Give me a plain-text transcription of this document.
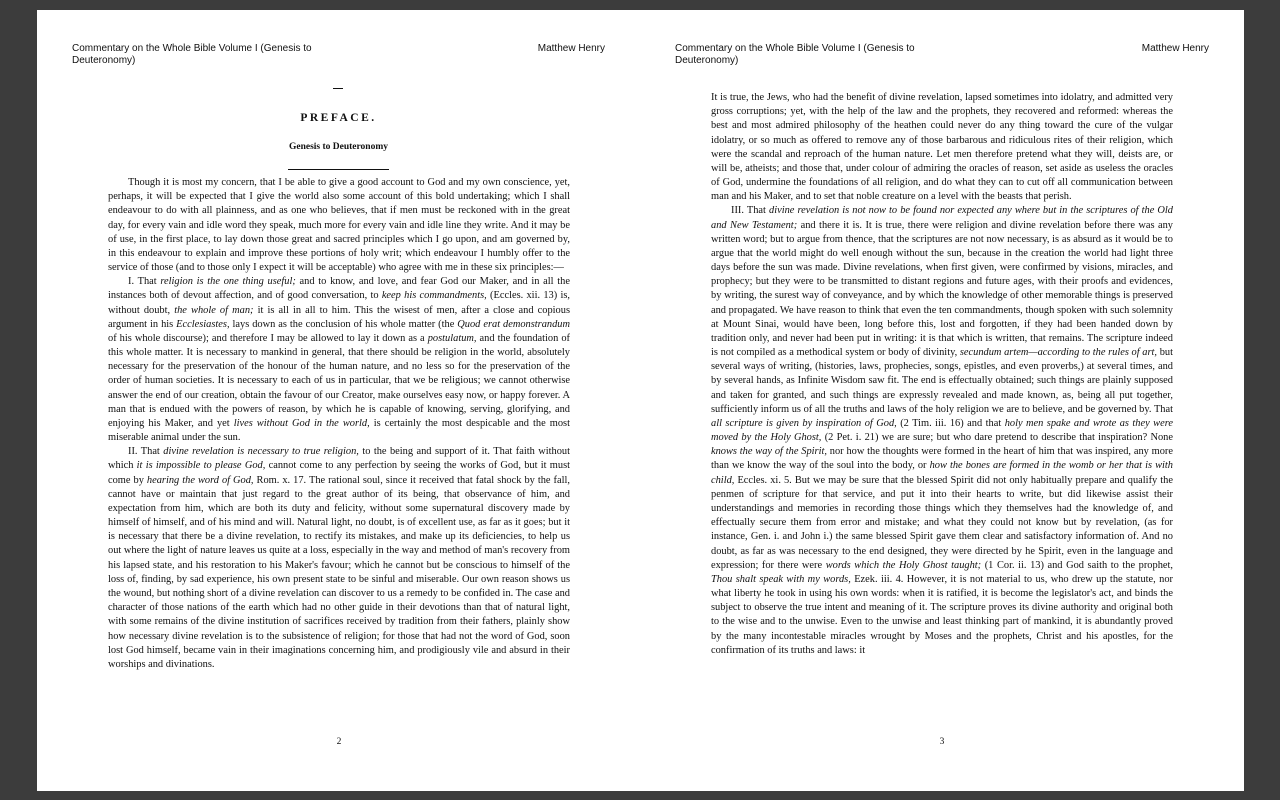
Commentary on the Whole Bible Volume I (Genesis to Deuteronomy)
Matthew Henry
PREFACE.
Genesis to Deuteronomy

Though it is most my concern, that I be able to give a good account to God and my own conscience, yet, perhaps, it will be expected that I give the world also some account of this bold undertaking; which I shall endeavour to do with all plainness, and as one who believes, that if men must be reckoned with in the great day, for every vain and idle word they speak, much more for every vain and idle line they write. And it may be of use, in the first place, to lay down those great and sacred principles which I go upon, and am governed by, in this endeavour to explain and improve these portions of holy writ; which endeavour I humbly offer to the service of those (and to those only I expect it will be acceptable) who agree with me in these six principles:—

I. That religion is the one thing useful; and to know, and love, and fear God our Maker, and in all the instances both of devout affection, and of good conversation, to keep his commandments, (Eccles. xii. 13) is, without doubt, the whole of man; it is all in all to him. This the wisest of men, after a close and copious argument in his Ecclesiastes, lays down as the conclusion of his whole matter (the Quod erat demonstrandum of his whole discourse); and therefore I may be allowed to lay it down as a postulatum, and the foundation of this whole matter. It is necessary to mankind in general, that there should be religion in the world, absolutely necessary for the preservation of the honour of the human nature, and no less so for the preservation of the order of human societies. It is necessary to each of us in particular, that we be religious; we cannot otherwise answer the end of our creation, obtain the favour of our Creator, make ourselves easy now, or happy forever. A man that is endued with the powers of reason, by which he is capable of knowing, serving, glorifying, and enjoying his Maker, and yet lives without God in the world, is certainly the most despicable and the most miserable animal under the sun.

II. That divine revelation is necessary to true religion, to the being and support of it. That faith without which it is impossible to please God, cannot come to any perfection by seeing the works of God, but it must come by hearing the word of God, Rom. x. 17. The rational soul, since it received that fatal shock by the fall, cannot have or maintain that just regard to the great author of its being, that observance of him, and expectation from him, which are both its duty and felicity, without some supernatural discovery made by himself of himself, and of his mind and will. Natural light, no doubt, is of excellent use, as far as it goes; but it is necessary that there be a divine revelation, to rectify its mistakes, and make up its deficiencies, to help us out where the light of nature leaves us quite at a loss, especially in the way and method of man's recovery from his lapsed state, and his restoration to his Maker's favour; which he cannot but be conscious to himself of the loss of, finding, by sad experience, his own present state to be sinful and miserable. Our own reason shows us the wound, but nothing short of a divine revelation can discover to us a remedy to be confided in. The case and character of those nations of the earth which had no other guide in their devotions than that of natural light, with some remains of the divine institution of sacrifices received by tradition from their fathers, plainly show how necessary divine revelation is to the subsistence of religion; for those that had not the word of God, soon lost God himself, became vain in their imaginations concerning him, and prodigiously vile and absurd in their worships and divinations.

2
Commentary on the Whole Bible Volume I (Genesis to Deuteronomy)
Matthew Henry

It is true, the Jews, who had the benefit of divine revelation, lapsed sometimes into idolatry, and admitted very gross corruptions; yet, with the help of the law and the prophets, they recovered and reformed: whereas the best and most admired philosophy of the heathen could never do any thing toward the cure of the vulgar idolatry, or so much as offered to remove any of those barbarous and ridiculous rites of their religion, which were the scandal and reproach of the human nature. Let men therefore pretend what they will, deists are, or will be, atheists; and those that, under colour of admiring the oracles of reason, set aside as useless the oracles of God, undermine the foundations of all religion, and do what they can to cut off all communication between man and his Maker, and to set that noble creature on a level with the beasts that perish.

III. That divine revelation is not now to be found nor expected any where but in the scriptures of the Old and New Testament; and there it is. It is true, there were religion and divine revelation before there was any written word; but to argue from thence, that the scriptures are not now necessary, is as absurd as it would be to argue that the world might do well enough without the sun, because in the creation the world had light three days before the sun was made. Divine revelations, when first given, were confirmed by visions, miracles, and prophecy; but they were to be transmitted to distant regions and future ages, with their proofs and evidences, by writing, the surest way of conveyance, and by which the knowledge of other memorable things is preserved and propagated. We have reason to think that even the ten commandments, though spoken with such solemnity at Mount Sinai, would have been, long before this, lost and forgotten, if they had been handed down by tradition only, and never had been put in writing: it is that which is written, that remains. The scripture indeed is not compiled as a methodical system or body of divinity, secundum artem—according to the rules of art, but several ways of writing, (histories, laws, prophecies, songs, epistles, and even proverbs,) at several times, and by several hands, as Infinite Wisdom saw fit. The end is effectually obtained; such things are plainly supposed and taken for granted, and such things are expressly revealed and made known, as, being all put together, sufficiently inform us of all the truths and laws of the holy religion we are to believe, and be governed by. That all scripture is given by inspiration of God, (2 Tim. iii. 16) and that holy men spake and wrote as they were moved by the Holy Ghost, (2 Pet. i. 21) we are sure; but who dare pretend to describe that inspiration? None knows the way of the Spirit, nor how the thoughts were formed in the heart of him that was inspired, any more than we know the way of the soul into the body, or how the bones are formed in the womb or her that is with child, Eccles. xi. 5. But we may be sure that the blessed Spirit did not only habitually prepare and qualify the penmen of scripture for that service, and put it into their hearts to write, but did likewise assist their understandings and memories in recording those things which they themselves had the knowledge of, and effectually secure them from error and mistake; and what they could not know but by revelation, (as for instance, Gen. i. and John i.) the same blessed Spirit gave them clear and satisfactory information of. And no doubt, as far as was necessary to the end designed, they were directed by he Spirit, even in the language and expression; for there were words which the Holy Ghost taught; (1 Cor. ii. 13) and God saith to the prophet, Thou shalt speak with my words, Ezek. iii. 4. However, it is not material to us, who drew up the statute, nor what liberty he took in using his own words: when it is ratified, it is become the legislator's act, and binds the subject to observe the true intent and meaning of it. The scripture proves its divine authority and original both to the wise and to the unwise. Even to the unwise and least thinking part of mankind, it is abundantly proved by the many incontestable miracles wrought by Moses and the prophets, Christ and his apostles, for the confirmation of its truths and laws: it

3
